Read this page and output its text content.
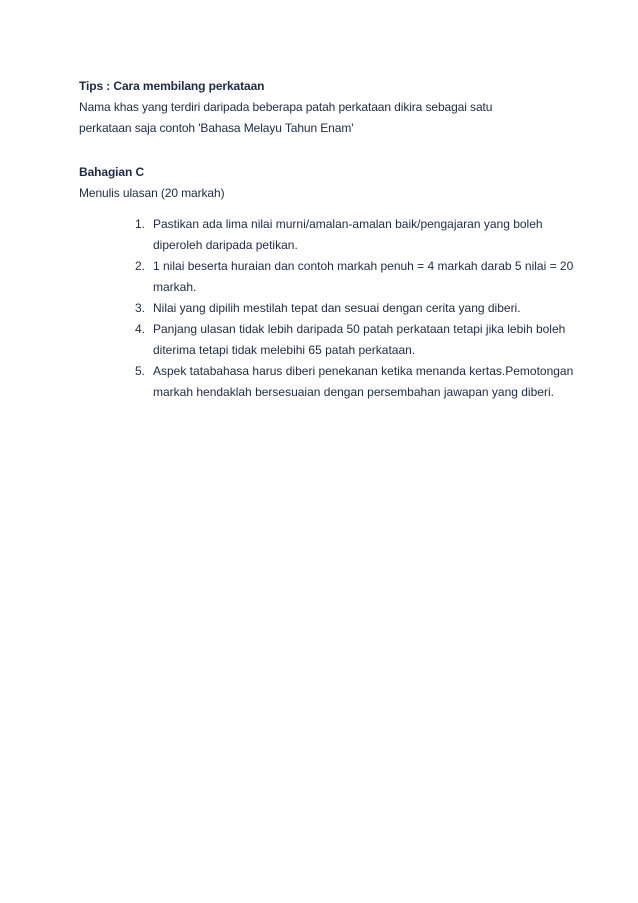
Tips : Cara membilang perkataan
Nama khas yang terdiri daripada beberapa patah perkataan dikira sebagai satu
perkataan saja contoh 'Bahasa Melayu Tahun Enam'
Bahagian C
Menulis ulasan (20 markah)
1. Pastikan ada lima nilai murni/amalan-amalan baik/pengajaran yang boleh diperoleh daripada petikan.
2. 1 nilai beserta huraian dan contoh markah penuh = 4 markah darab 5 nilai = 20 markah.
3. Nilai yang dipilih mestilah tepat dan sesuai dengan cerita yang diberi.
4. Panjang ulasan tidak lebih daripada 50 patah perkataan tetapi jika lebih boleh diterima tetapi tidak melebihi 65 patah perkataan.
5. Aspek tatabahasa harus diberi penekanan ketika menanda kertas.Pemotongan markah hendaklah bersesuaian dengan persembahan jawapan yang diberi.
